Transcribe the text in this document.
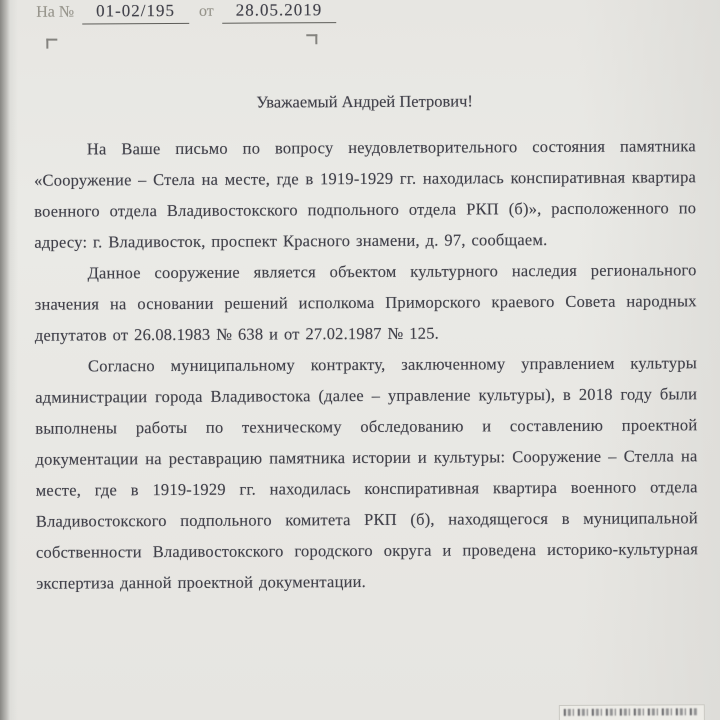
На № 01-02/195 от 28.05.2019

Уважаемый Андрей Петрович!

На Ваше письмо по вопросу неудовлетворительного состояния памятника «Сооружение – Стела на месте, где в 1919-1929 гг. находилась конспиративная квартира военного отдела Владивостокского подпольного отдела РКП (б)», расположенного по адресу: г. Владивосток, проспект Красного знамени, д. 97, сообщаем.

Данное сооружение является объектом культурного наследия регионального значения на основании решений исполкома Приморского краевого Совета народных депутатов от 26.08.1983 № 638 и от 27.02.1987 № 125.

Согласно муниципальному контракту, заключенному управлением культуры администрации города Владивостока (далее – управление культуры), в 2018 году были выполнены работы по техническому обследованию и составлению проектной документации на реставрацию памятника истории и культуры: Сооружение – Стелла на месте, где в 1919-1929 гг. находилась конспиративная квартира военного отдела Владивостокского подпольного комитета РКП (б), находящегося в муниципальной собственности Владивостокского городского округа и проведена историко-культурная экспертиза данной проектной документации.
